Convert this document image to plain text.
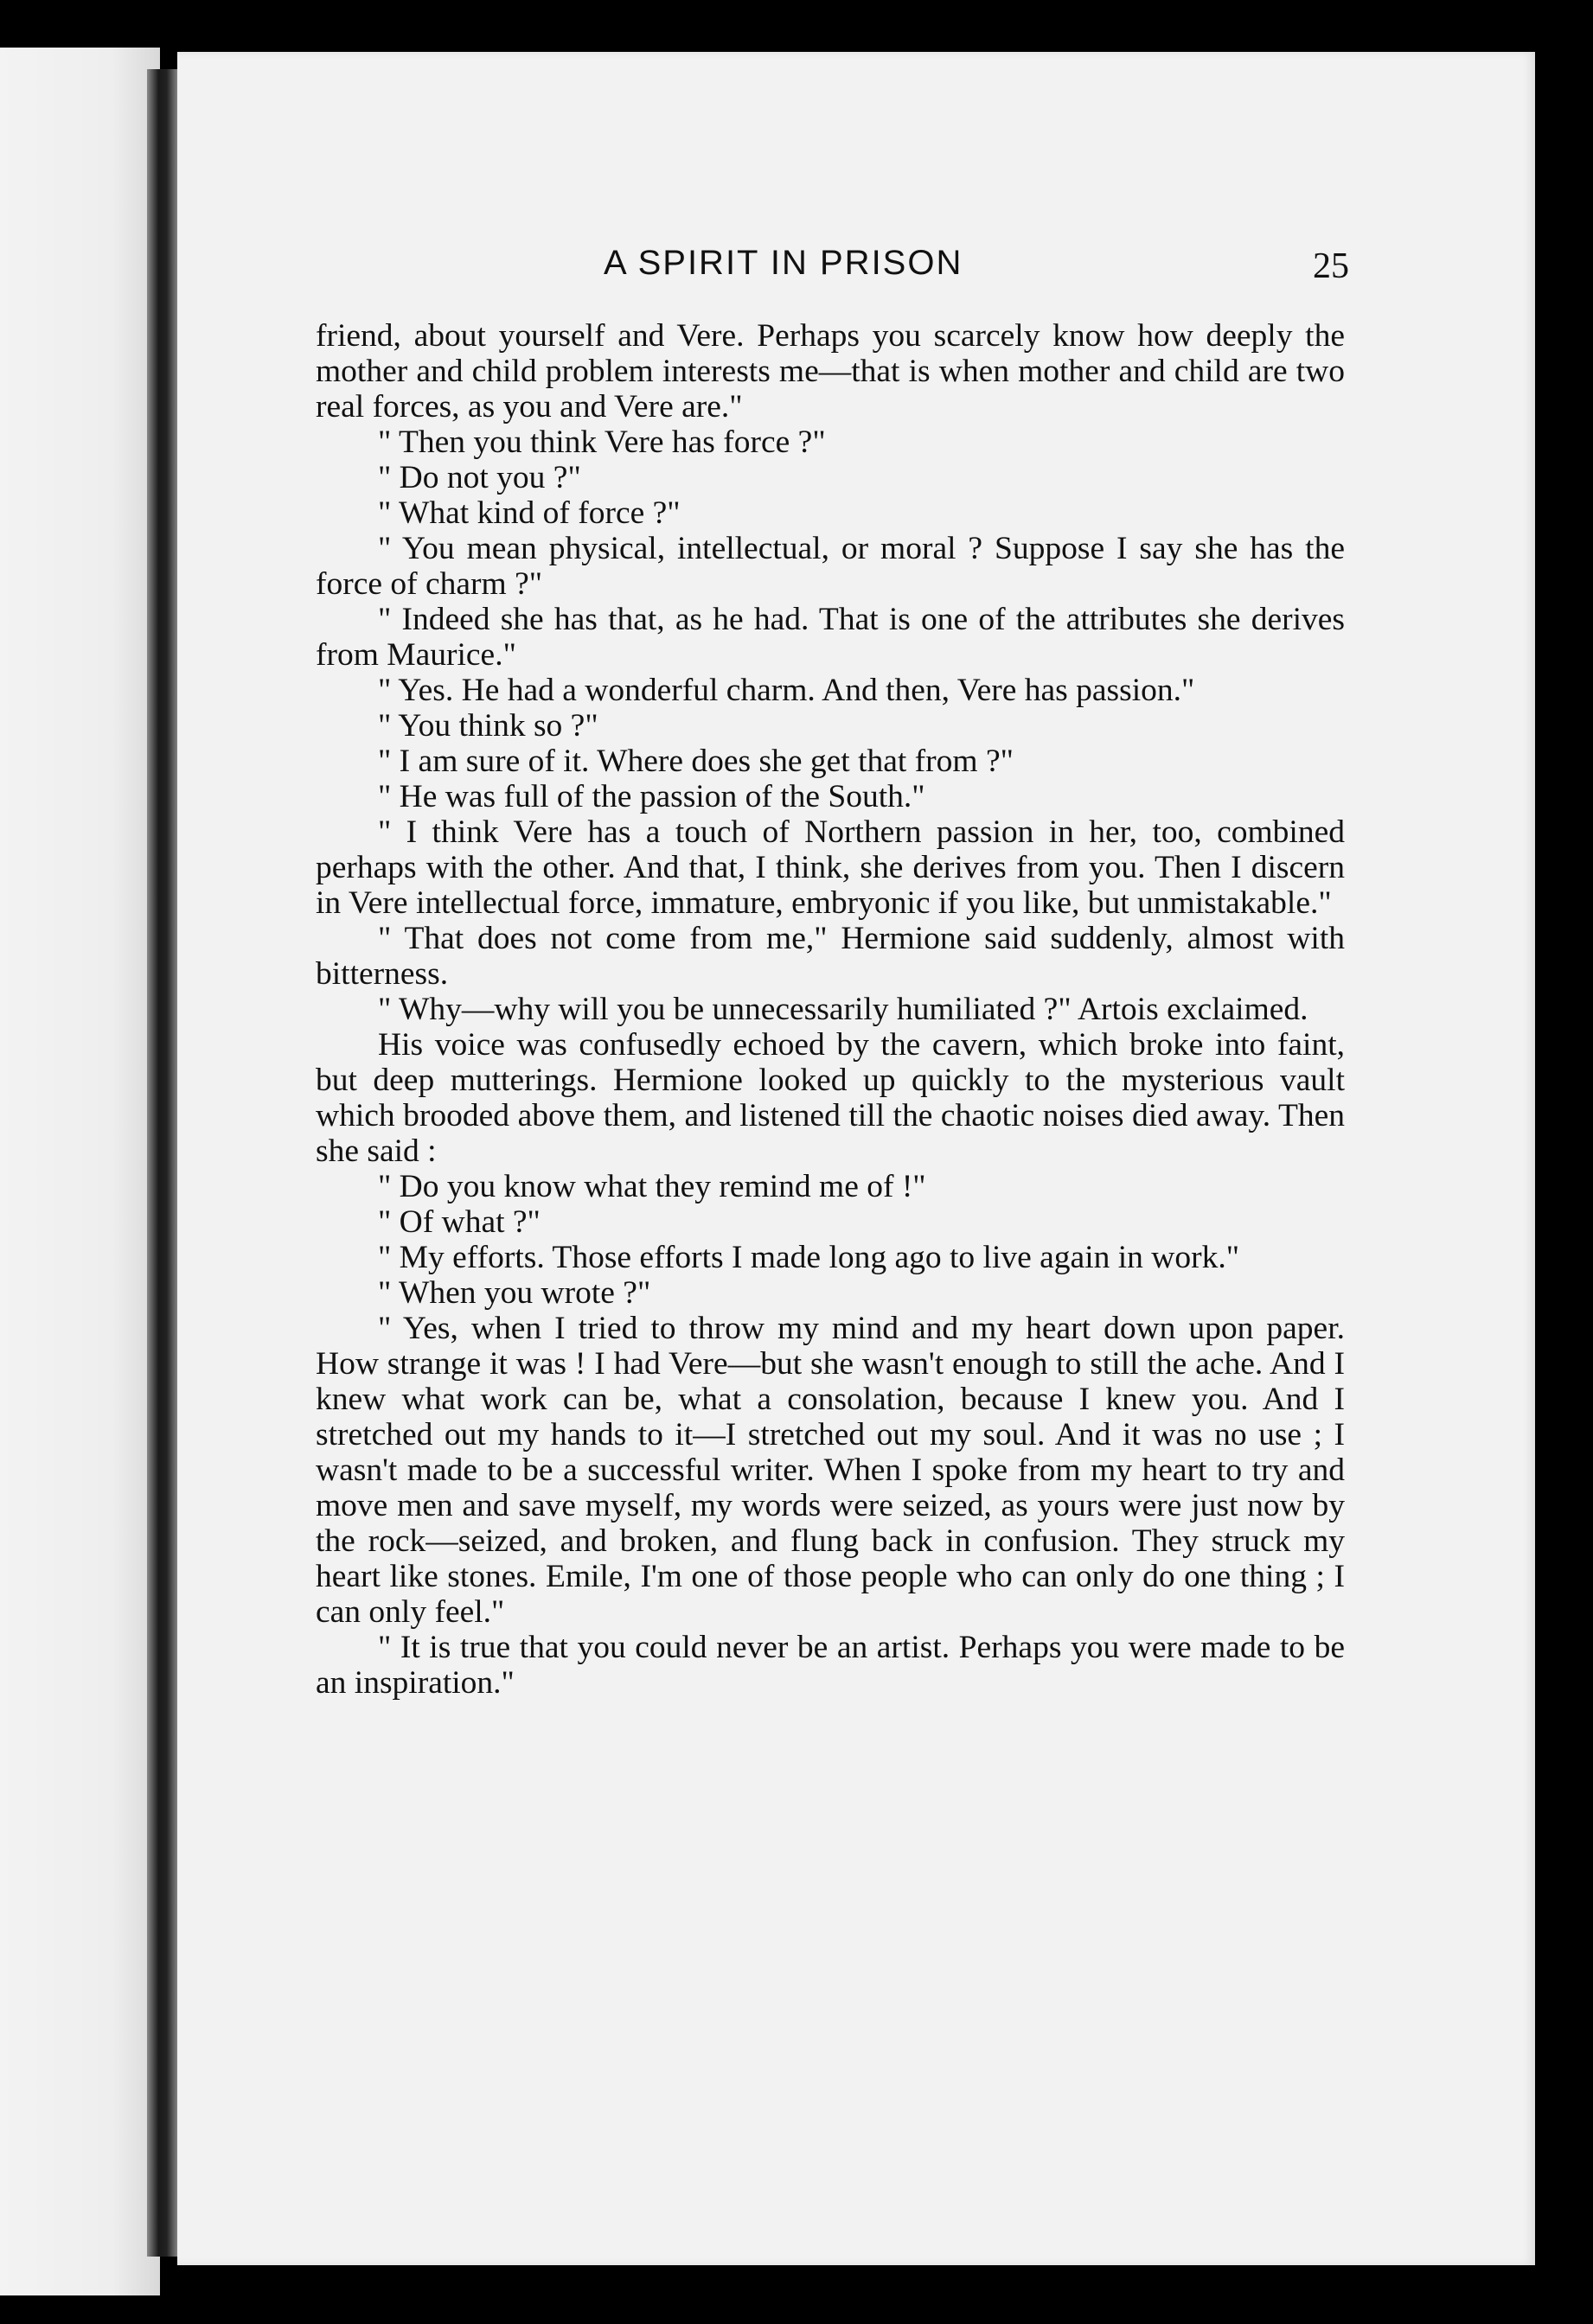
A SPIRIT IN PRISON	25

friend, about yourself and Vere. Perhaps you scarcely know how deeply the mother and child problem interests me—that is when mother and child are two real forces, as you and Vere are."

" Then you think Vere has force ?"

" Do not you ?"

" What kind of force ?"

" You mean physical, intellectual, or moral ? Suppose I say she has the force of charm ?"

" Indeed she has that, as he had. That is one of the attributes she derives from Maurice."

" Yes. He had a wonderful charm. And then, Vere has passion."

" You think so ?"

" I am sure of it. Where does she get that from ?"

" He was full of the passion of the South."

" I think Vere has a touch of Northern passion in her, too, combined perhaps with the other. And that, I think, she derives from you. Then I discern in Vere intellectual force, immature, embryonic if you like, but unmistakable."

" That does not come from me," Hermione said suddenly, almost with bitterness.

" Why—why will you be unnecessarily humiliated ?" Artois exclaimed.

His voice was confusedly echoed by the cavern, which broke into faint, but deep mutterings. Hermione looked up quickly to the mysterious vault which brooded above them, and listened till the chaotic noises died away. Then she said :

" Do you know what they remind me of !"

" Of what ?"

" My efforts. Those efforts I made long ago to live again in work."

" When you wrote ?"

" Yes, when I tried to throw my mind and my heart down upon paper. How strange it was ! I had Vere—but she wasn't enough to still the ache. And I knew what work can be, what a consolation, because I knew you. And I stretched out my hands to it—I stretched out my soul. And it was no use ; I wasn't made to be a successful writer. When I spoke from my heart to try and move men and save myself, my words were seized, as yours were just now by the rock—seized, and broken, and flung back in confusion. They struck my heart like stones. Emile, I'm one of those people who can only do one thing ; I can only feel."

" It is true that you could never be an artist. Perhaps you were made to be an inspiration."
